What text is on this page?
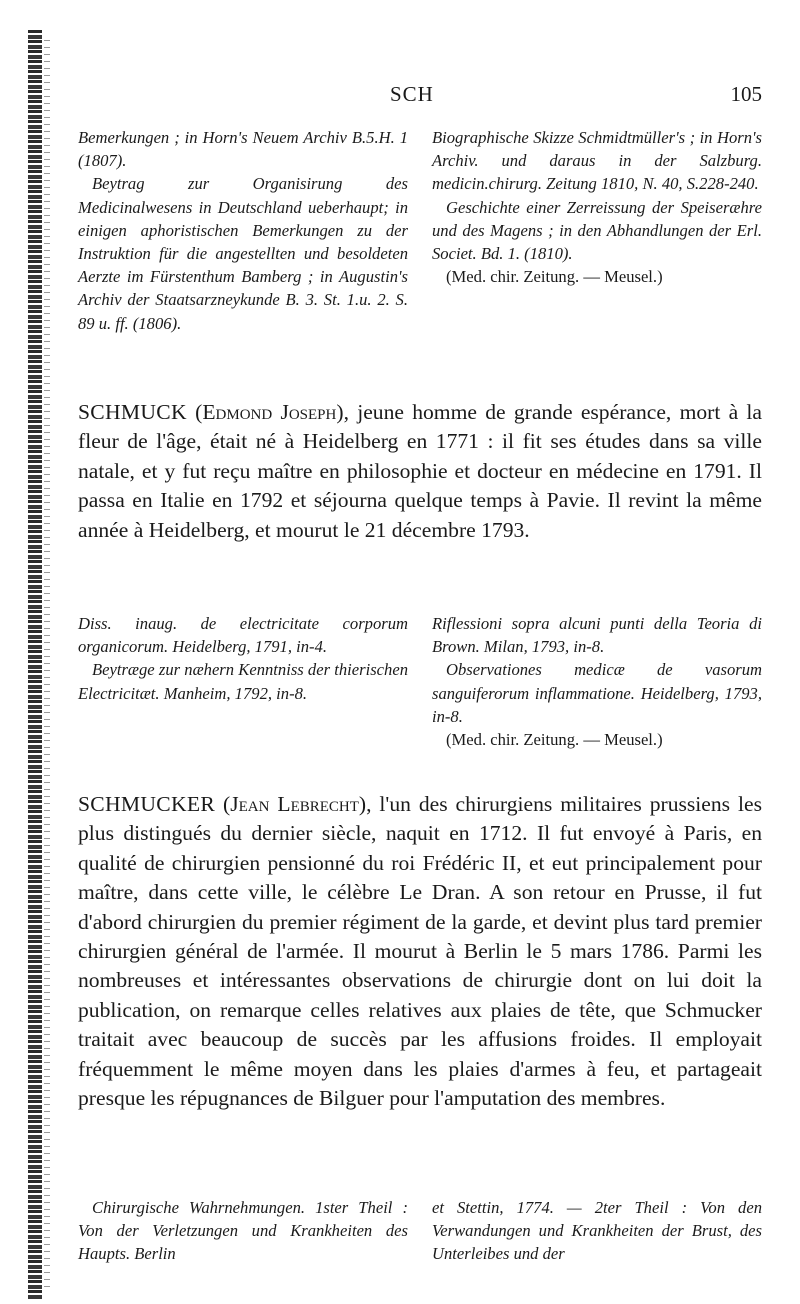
SCH	105

Bemerkungen ; in Horn's Neuem Archiv B.5.H. 1 (1807).

Beytrag zur Organisirung des Medicinalwesens in Deutschland ueberhaupt; in einigen aphoristischen Bemerkungen zu der Instruktion für die angestellten und besoldeten Aerzte im Fürstenthum Bamberg ; in Augustin's Archiv der Staatsarzneykunde B. 3. St. 1.u. 2. S. 89 u. ff. (1806).

Biographische Skizze Schmidtmüller's ; in Horn's Archiv. und daraus in der Salzburg. medicin.chirurg. Zeitung 1810, N. 40, S.228-240.

Geschichte einer Zerreissung der Speiseræhre und des Magens ; in den Abhandlungen der Erl. Societ. Bd. 1. (1810).

(Med. chir. Zeitung. — Meusel.)

SCHMUCK (Edmond Joseph), jeune homme de grande espérance, mort à la fleur de l'âge, était né à Heidelberg en 1771 : il fit ses études dans sa ville natale, et y fut reçu maître en philosophie et docteur en médecine en 1791. Il passa en Italie en 1792 et séjourna quelque temps à Pavie. Il revint la même année à Heidelberg, et mourut le 21 décembre 1793.

Diss. inaug. de electricitate corporum organicorum. Heidelberg, 1791, in-4.

Beytræge zur næhern Kenntniss der thierischen Electricitæt. Manheim, 1792, in-8.

Riflessioni sopra alcuni punti della Teoria di Brown. Milan, 1793, in-8.

Observationes medicæ de vasorum sanguiferorum inflammatione. Heidelberg, 1793, in-8.

(Med. chir. Zeitung. — Meusel.)

SCHMUCKER (Jean Lebrecht), l'un des chirurgiens militaires prussiens les plus distingués du dernier siècle, naquit en 1712. Il fut envoyé à Paris, en qualité de chirurgien pensionné du roi Frédéric II, et eut principalement pour maître, dans cette ville, le célèbre Le Dran. A son retour en Prusse, il fut d'abord chirurgien du premier régiment de la garde, et devint plus tard premier chirurgien général de l'armée. Il mourut à Berlin le 5 mars 1786. Parmi les nombreuses et intéressantes observations de chirurgie dont on lui doit la publication, on remarque celles relatives aux plaies de tête, que Schmucker traitait avec beaucoup de succès par les affusions froides. Il employait fréquemment le même moyen dans les plaies d'armes à feu, et partageait presque les répugnances de Bilguer pour l'amputation des membres.

Chirurgische Wahrnehmungen. 1ster Theil : Von der Verletzungen und Krankheiten des Haupts. Berlin

et Stettin, 1774. — 2ter Theil : Von den Verwandungen und Krankheiten der Brust, des Unterleibes und der
